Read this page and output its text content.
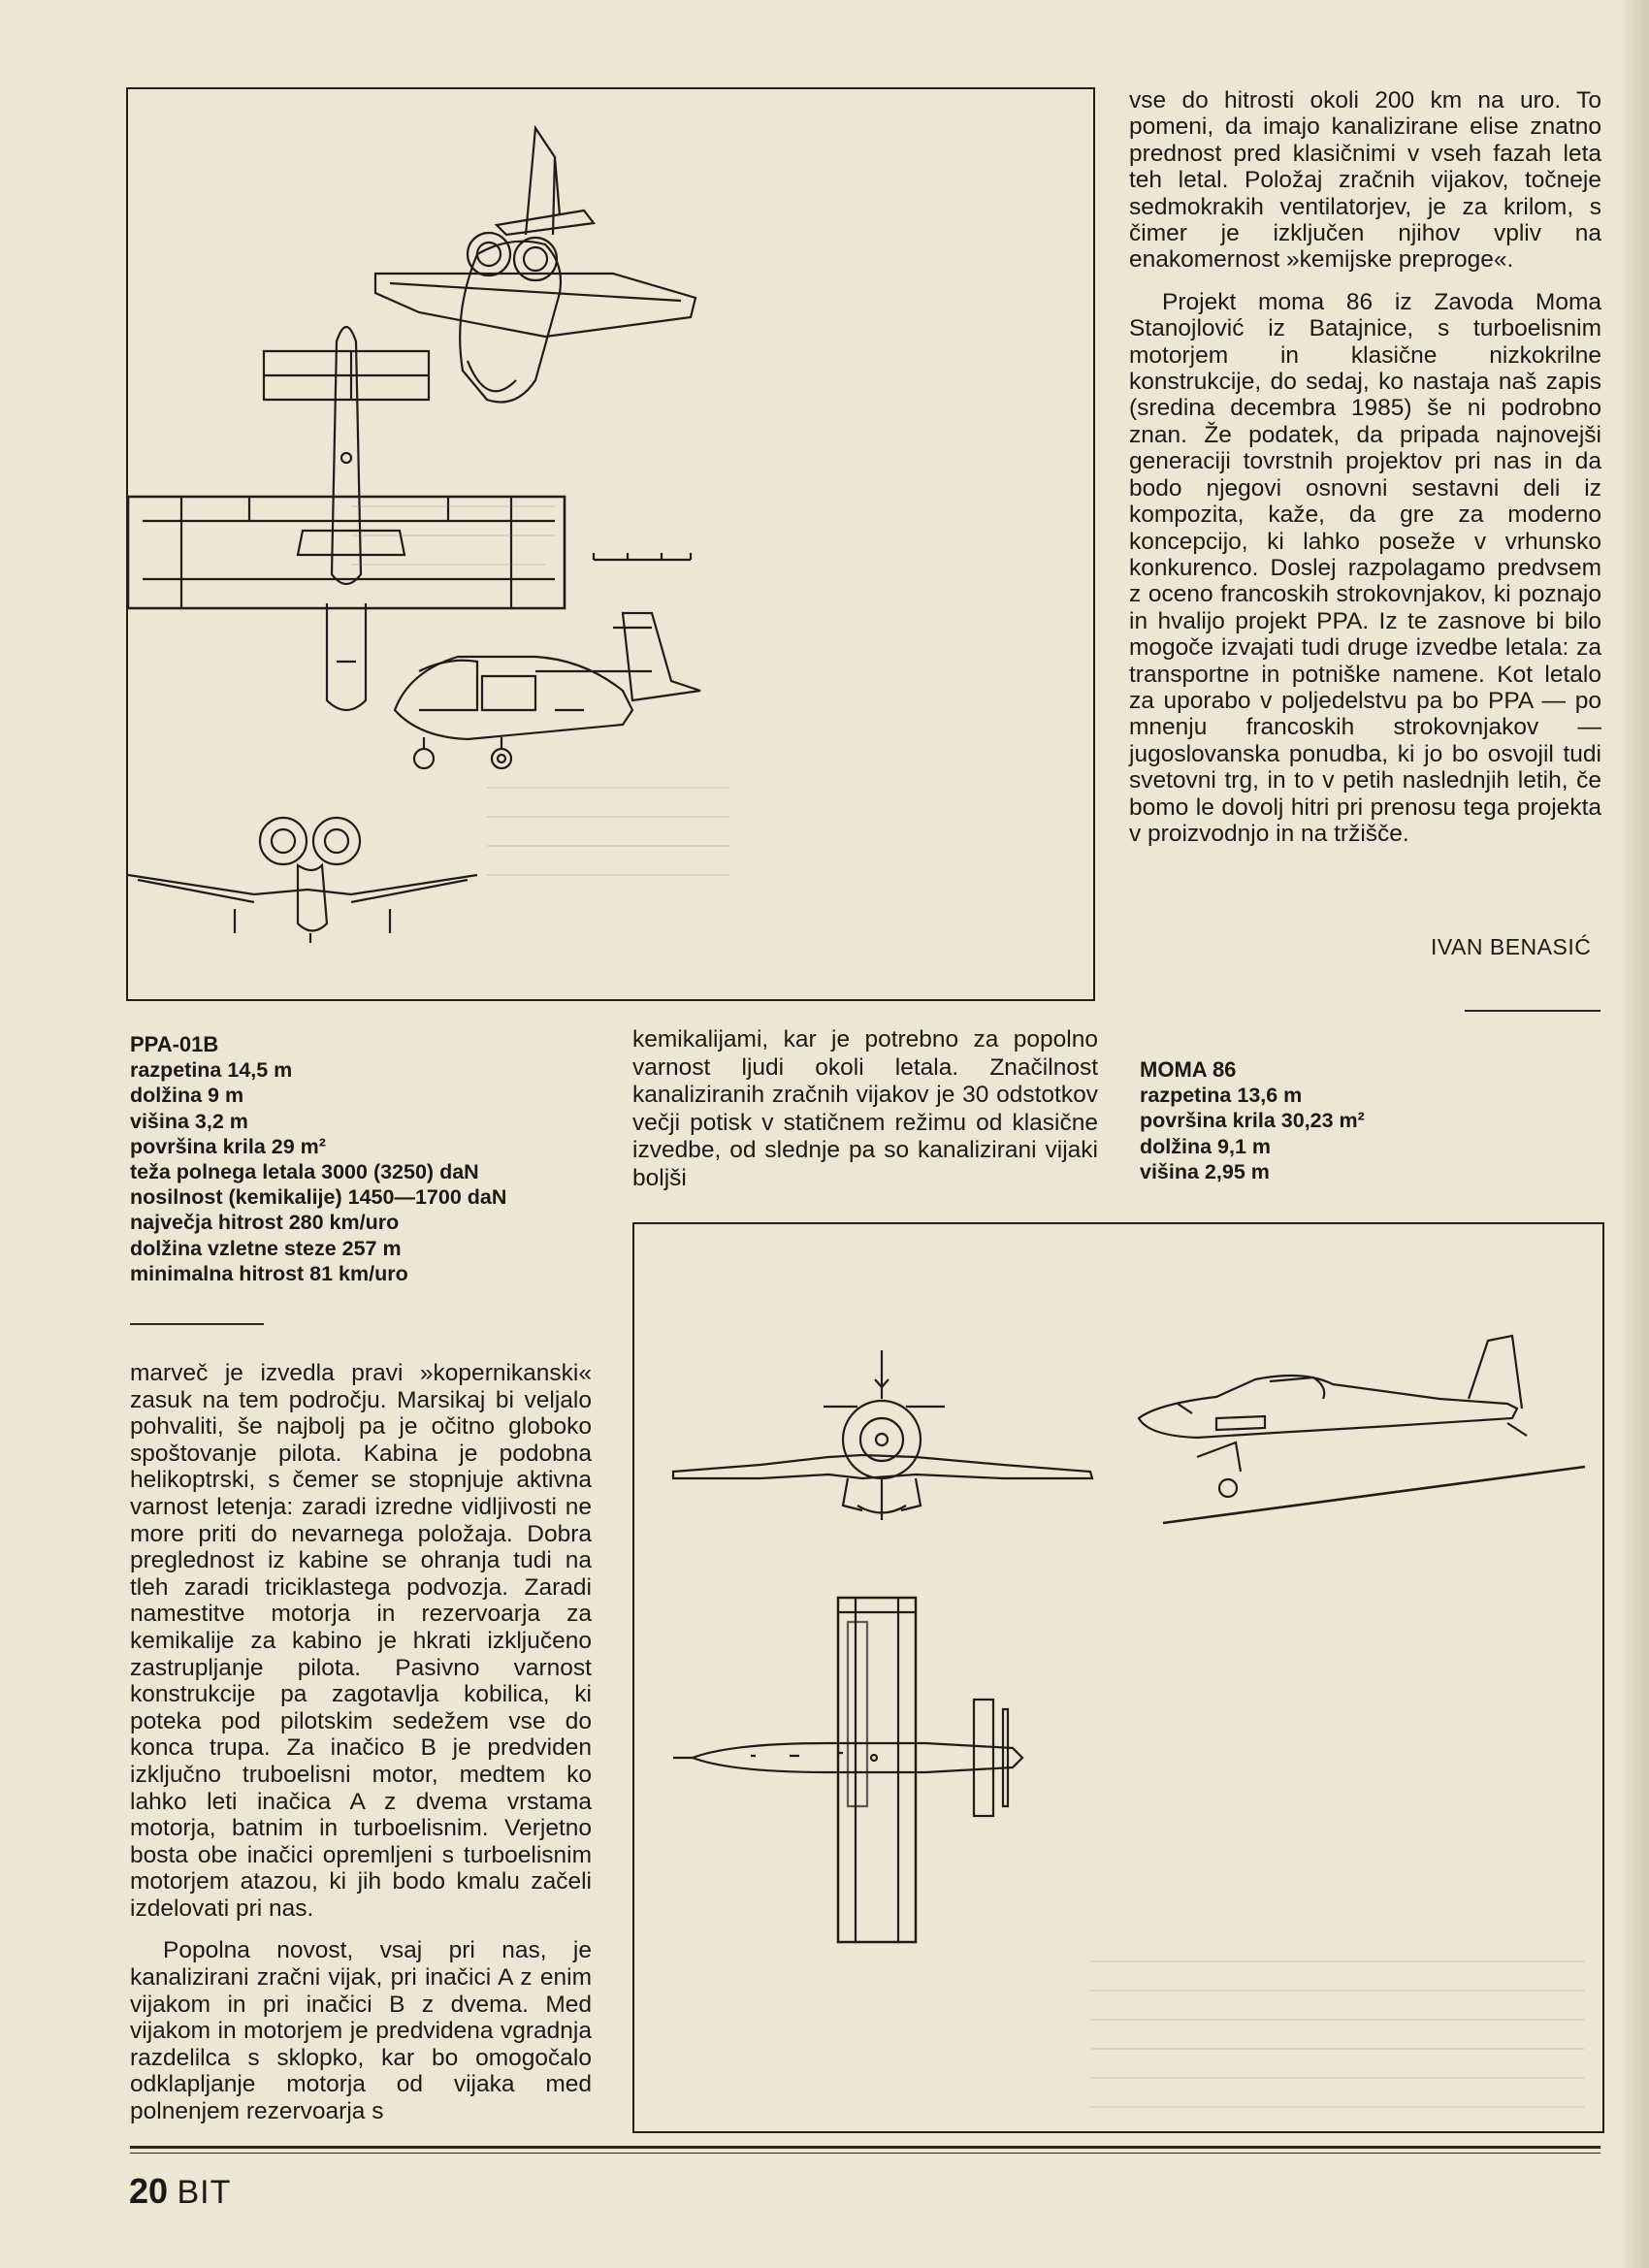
vse do hitrosti okoli 200 km na uro. To pomeni, da imajo kanalizirane elise znatno prednost pred klasičnimi v vseh fazah leta teh letal. Položaj zračnih vijakov, točneje sedmokrakih ventilatorjev, je za krilom, s čimer je izključen njihov vpliv na enakomernost »kemijske preproge«.

Projekt moma 86 iz Zavoda Moma Stanojlović iz Batajnice, s turboelisnim motorjem in klasične nizkokrilne konstrukcije, do sedaj, ko nastaja naš zapis (sredina decembra 1985) še ni podrobno znan. Že podatek, da pripada najnovejši generaciji tovrstnih projektov pri nas in da bodo njegovi osnovni sestavni deli iz kompozita, kaže, da gre za moderno koncepcijo, ki lahko poseže v vrhunsko konkurenco. Doslej razpolagamo predvsem z oceno francoskih strokovnjakov, ki poznajo in hvalijo projekt PPA. Iz te zasnove bi bilo mogoče izvajati tudi druge izvedbe letala: za transportne in potniške namene. Kot letalo za uporabo v poljedelstvu pa bo PPA — po mnenju francoskih strokovnjakov — jugoslovanska ponudba, ki jo bo osvojil tudi svetovni trg, in to v petih naslednjih letih, če bomo le dovolj hitri pri prenosu tega projekta v proizvodnjo in na tržišče.

IVAN BENASIĆ
PPA-01B
razpetina 14,5 m
dolžina 9 m
višina 3,2 m
površina krila 29 m²
teža polnega letala 3000 (3250) daN
nosilnost (kemikalije) 1450—1700 daN
največja hitrost 280 km/uro
dolžina vzletne steze 257 m
minimalna hitrost 81 km/uro

kemikalijami, kar je potrebno za popolno varnost ljudi okoli letala. Značilnost kanaliziranih zračnih vijakov je 30 odstotkov večji potisk v statičnem režimu od klasične izvedbe, od slednje pa so kanalizirani vijaki boljši

MOMA 86
razpetina 13,6 m
površina krila 30,23 m²
dolžina 9,1 m
višina 2,95 m

marveč je izvedla pravi »kopernikanski« zasuk na tem področju. Marsikaj bi veljalo pohvaliti, še najbolj pa je očitno globoko spoštovanje pilota. Kabina je podobna helikoptrski, s čemer se stopnjuje aktivna varnost letenja: zaradi izredne vidljivosti ne more priti do nevarnega položaja. Dobra preglednost iz kabine se ohranja tudi na tleh zaradi triciklastega podvozja. Zaradi namestitve motorja in rezervoarja za kemikalije za kabino je hkrati izključeno zastrupljanje pilota. Pasivno varnost konstrukcije pa zagotavlja kobilica, ki poteka pod pilotskim sedežem vse do konca trupa. Za inačico B je predviden izključno truboelisni motor, medtem ko lahko leti inačica A z dvema vrstama motorja, batnim in turboelisnim. Verjetno bosta obe inačici opremljeni s turboelisnim motorjem atazou, ki jih bodo kmalu začeli izdelovati pri nas.

Popolna novost, vsaj pri nas, je kanalizirani zračni vijak, pri inačici A z enim vijakom in pri inačici B z dvema. Med vijakom in motorjem je predvidena vgradnja razdelilca s sklopko, kar bo omogočalo odklapljanje motorja od vijaka med polnenjem rezervoarja s

20 BIT
